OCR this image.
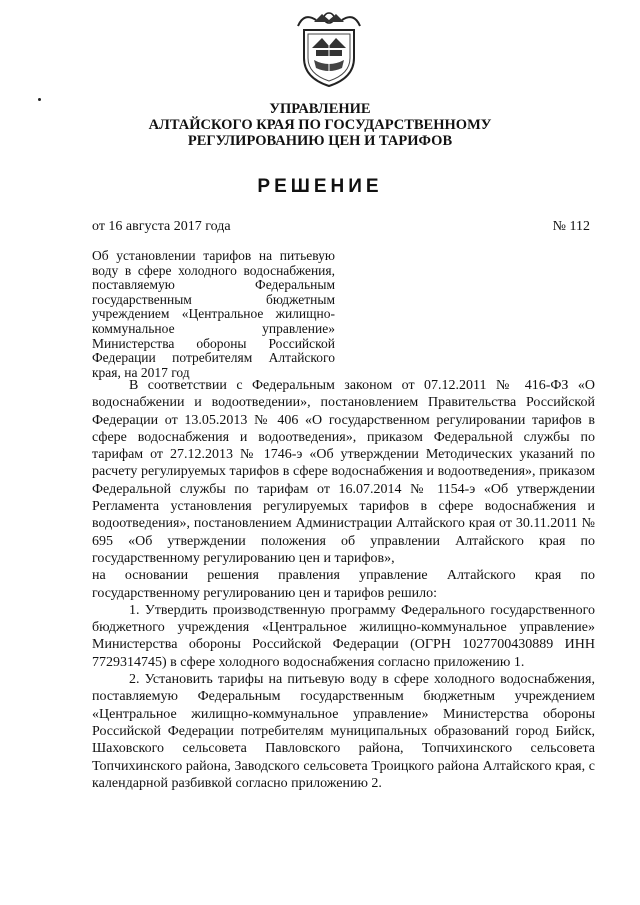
УПРАВЛЕНИЕ
АЛТАЙСКОГО КРАЯ ПО ГОСУДАРСТВЕННОМУ
РЕГУЛИРОВАНИЮ ЦЕН И ТАРИФОВ
РЕШЕНИЕ
от 16 августа 2017 года	№ 112
Об установлении тарифов на питьевую воду в сфере холодного водоснабжения, поставляемую Федеральным государственным бюджетным учреждением «Центральное жилищно-коммунальное управление» Министерства обороны Российской Федерации потребителям Алтайского края, на 2017 год

В соответствии с Федеральным законом от 07.12.2011 № 416-ФЗ «О водоснабжении и водоотведении», постановлением Правительства Российской Федерации от 13.05.2013 № 406 «О государственном регулировании тарифов в сфере водоснабжения и водоотведения», приказом Федеральной службы по тарифам от 27.12.2013 № 1746-э «Об утверждении Методических указаний по расчету регулируемых тарифов в сфере водоснабжения и водоотведения», приказом Федеральной службы по тарифам от 16.07.2014 № 1154-э «Об утверждении Регламента установления регулируемых тарифов в сфере водоснабжения и водоотведения», постановлением Администрации Алтайского края от 30.11.2011 № 695 «Об утверждении положения об управлении Алтайского края по государственному регулированию цен и тарифов»,

на основании решения правления управление Алтайского края по государственному регулированию цен и тарифов решило:

1. Утвердить производственную программу Федерального государственного бюджетного учреждения «Центральное жилищно-коммунальное управление» Министерства обороны Российской Федерации (ОГРН 1027700430889 ИНН 7729314745) в сфере холодного водоснабжения согласно приложению 1.

2. Установить тарифы на питьевую воду в сфере холодного водоснабжения, поставляемую Федеральным государственным бюджетным учреждением «Центральное жилищно-коммунальное управление» Министерства обороны Российской Федерации потребителям муниципальных образований город Бийск, Шаховского сельсовета Павловского района, Топчихинского сельсовета Топчихинского района, Заводского сельсовета Троицкого района Алтайского края, с календарной разбивкой согласно приложению 2.
